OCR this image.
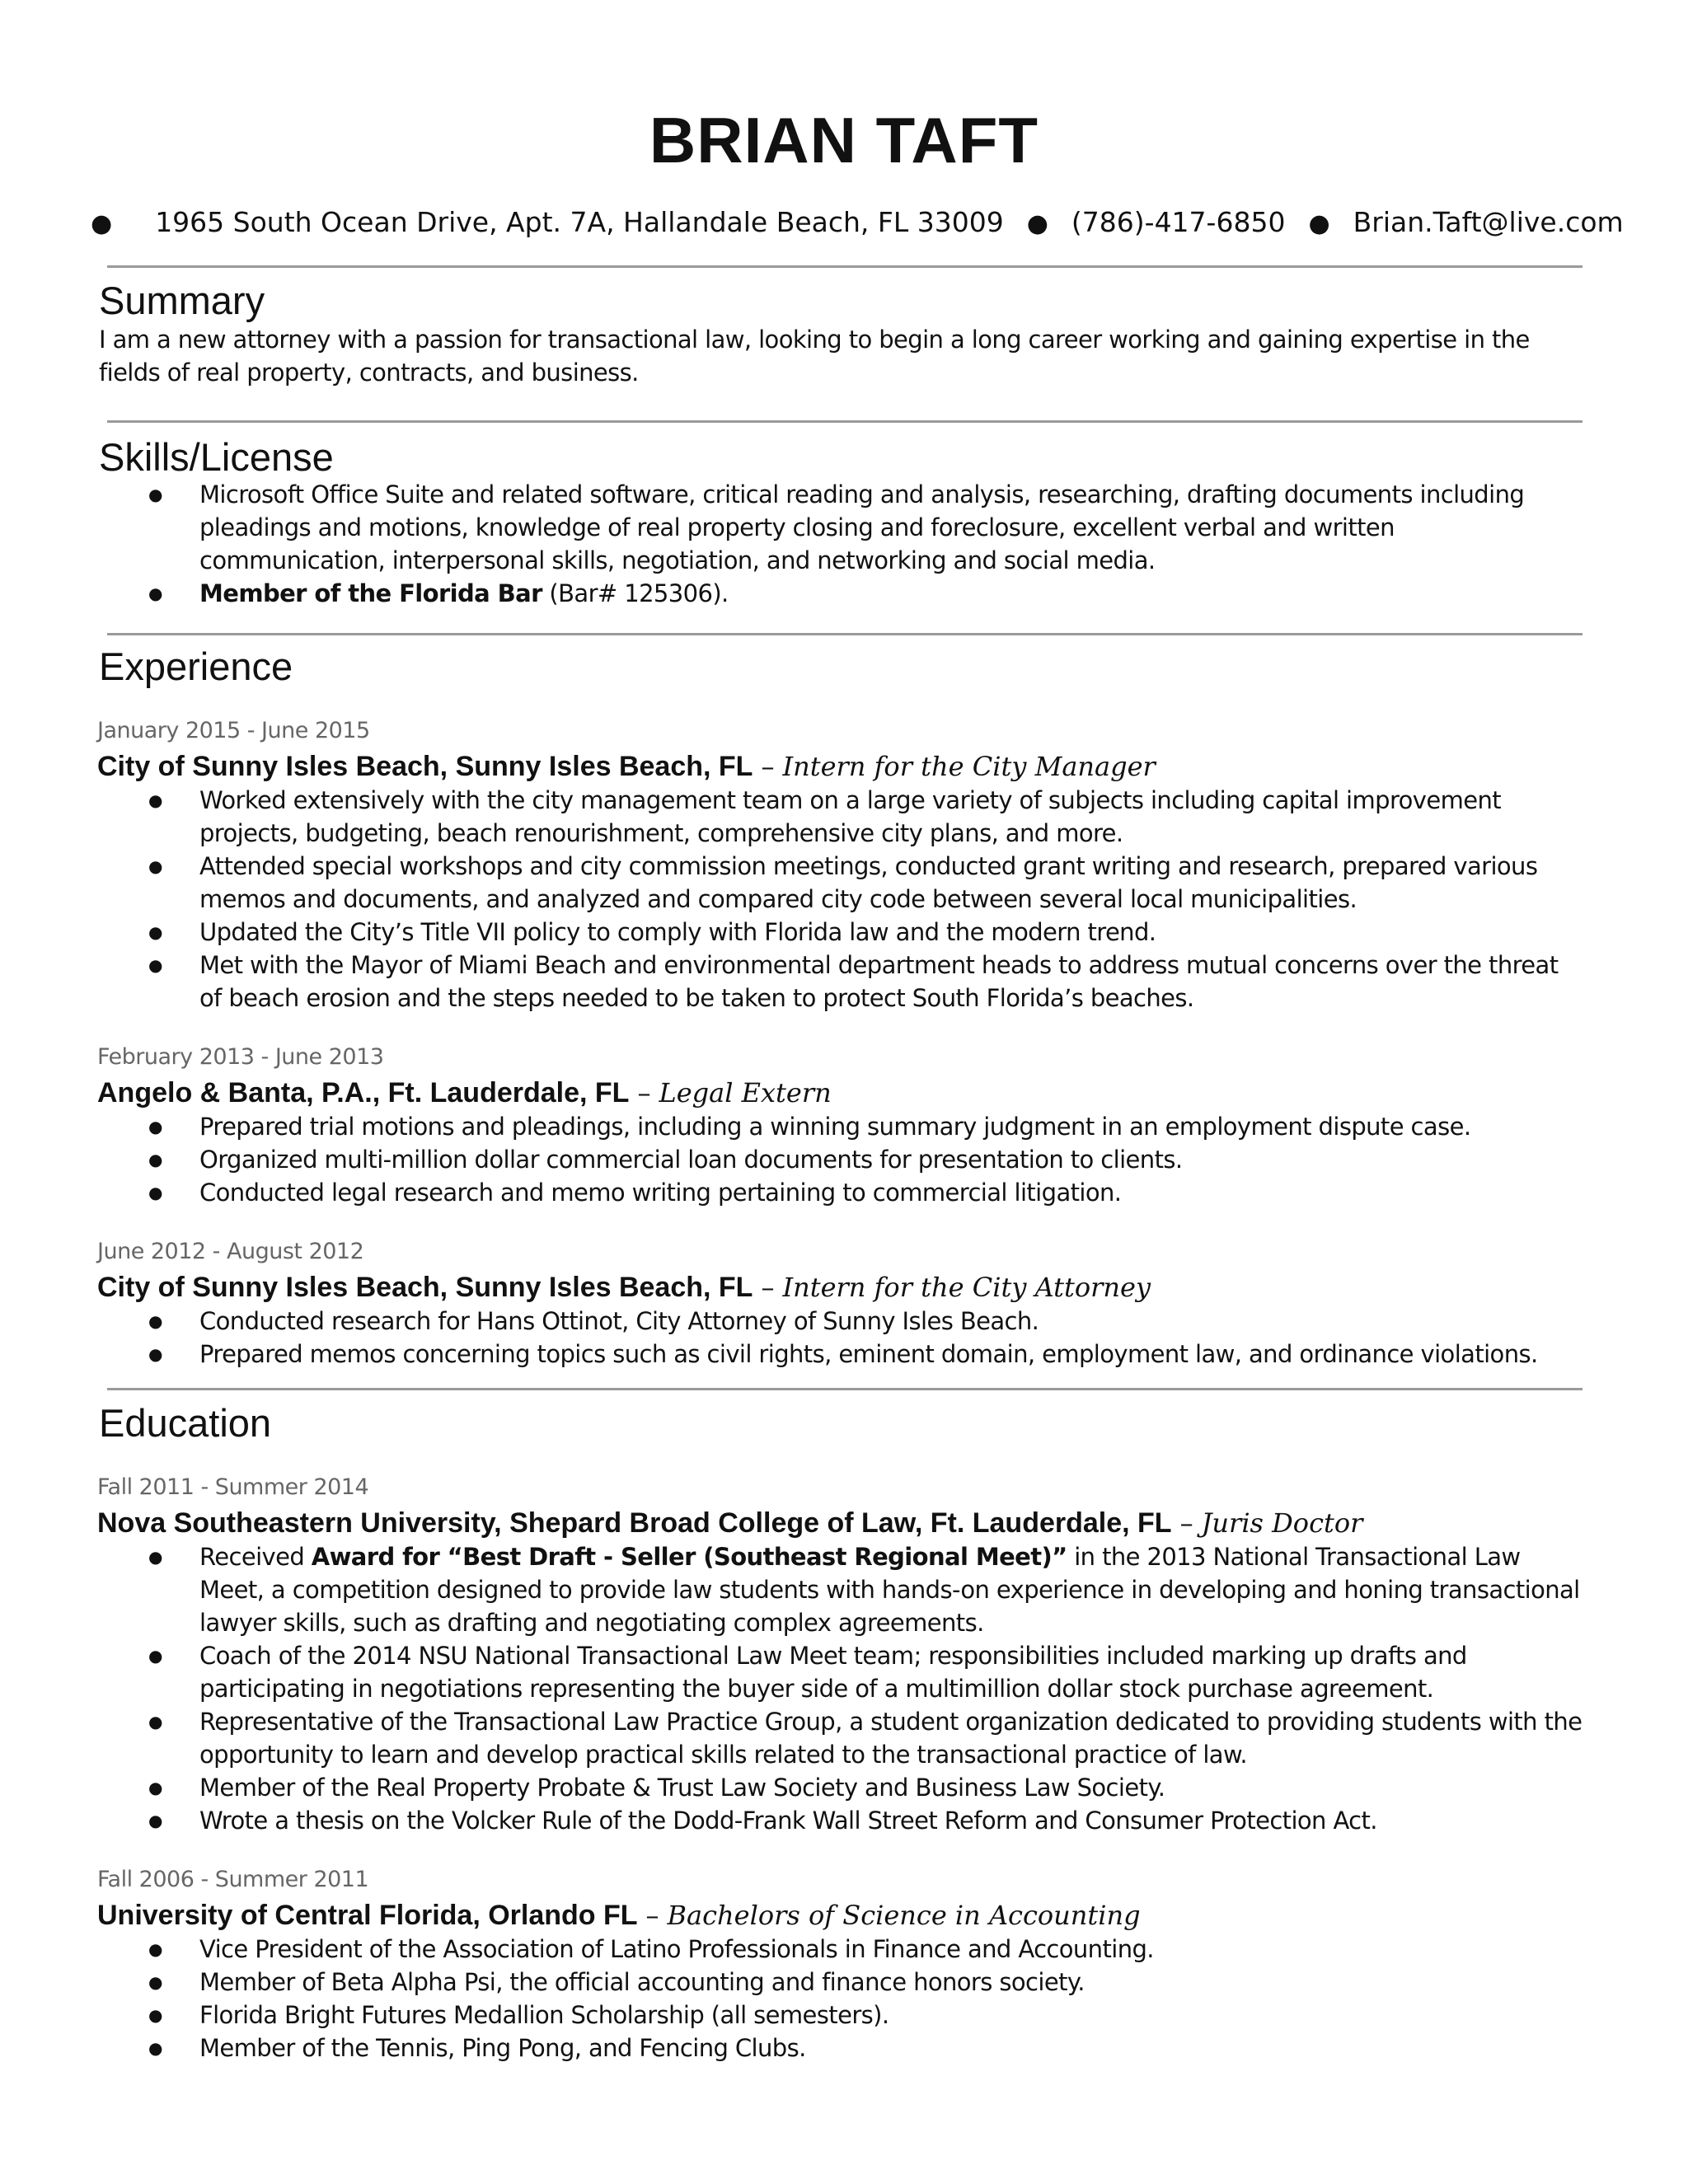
BRIAN TAFT
● 1965 South Ocean Drive, Apt. 7A, Hallandale Beach, FL 33009 ● (786)-417-6850 ● Brian.Taft@live.com
Summary

I am a new attorney with a passion for transactional law, looking to begin a long career working and gaining expertise in the fields of real property, contracts, and business.

Skills/License
● Microsoft Office Suite and related software, critical reading and analysis, researching, drafting documents including pleadings and motions, knowledge of real property closing and foreclosure, excellent verbal and written communication, interpersonal skills, negotiation, and networking and social media.
● Member of the Florida Bar (Bar# 125306).
Experience
January 2015 - June 2015
City of Sunny Isles Beach, Sunny Isles Beach, FL – Intern for the City Manager
● Worked extensively with the city management team on a large variety of subjects including capital improvement projects, budgeting, beach renourishment, comprehensive city plans, and more.
● Attended special workshops and city commission meetings, conducted grant writing and research, prepared various memos and documents, and analyzed and compared city code between several local municipalities.
● Updated the City’s Title VII policy to comply with Florida law and the modern trend.
● Met with the Mayor of Miami Beach and environmental department heads to address mutual concerns over the threat of beach erosion and the steps needed to be taken to protect South Florida’s beaches.
February 2013 - June 2013
Angelo & Banta, P.A., Ft. Lauderdale, FL – Legal Extern
● Prepared trial motions and pleadings, including a winning summary judgment in an employment dispute case.
● Organized multi-million dollar commercial loan documents for presentation to clients.
● Conducted legal research and memo writing pertaining to commercial litigation.
June 2012 - August 2012
City of Sunny Isles Beach, Sunny Isles Beach, FL – Intern for the City Attorney
● Conducted research for Hans Ottinot, City Attorney of Sunny Isles Beach.
● Prepared memos concerning topics such as civil rights, eminent domain, employment law, and ordinance violations.
Education
Fall 2011 - Summer 2014
Nova Southeastern University, Shepard Broad College of Law, Ft. Lauderdale, FL – Juris Doctor
● Received Award for “Best Draft - Seller (Southeast Regional Meet)” in the 2013 National Transactional Law Meet, a competition designed to provide law students with hands-on experience in developing and honing transactional lawyer skills, such as drafting and negotiating complex agreements.
● Coach of the 2014 NSU National Transactional Law Meet team; responsibilities included marking up drafts and participating in negotiations representing the buyer side of a multimillion dollar stock purchase agreement.
● Representative of the Transactional Law Practice Group, a student organization dedicated to providing students with the opportunity to learn and develop practical skills related to the transactional practice of law.
● Member of the Real Property Probate & Trust Law Society and Business Law Society.
● Wrote a thesis on the Volcker Rule of the Dodd-Frank Wall Street Reform and Consumer Protection Act.
Fall 2006 - Summer 2011
University of Central Florida, Orlando FL – Bachelors of Science in Accounting
● Vice President of the Association of Latino Professionals in Finance and Accounting.
● Member of Beta Alpha Psi, the official accounting and finance honors society.
● Florida Bright Futures Medallion Scholarship (all semesters).
● Member of the Tennis, Ping Pong, and Fencing Clubs.
